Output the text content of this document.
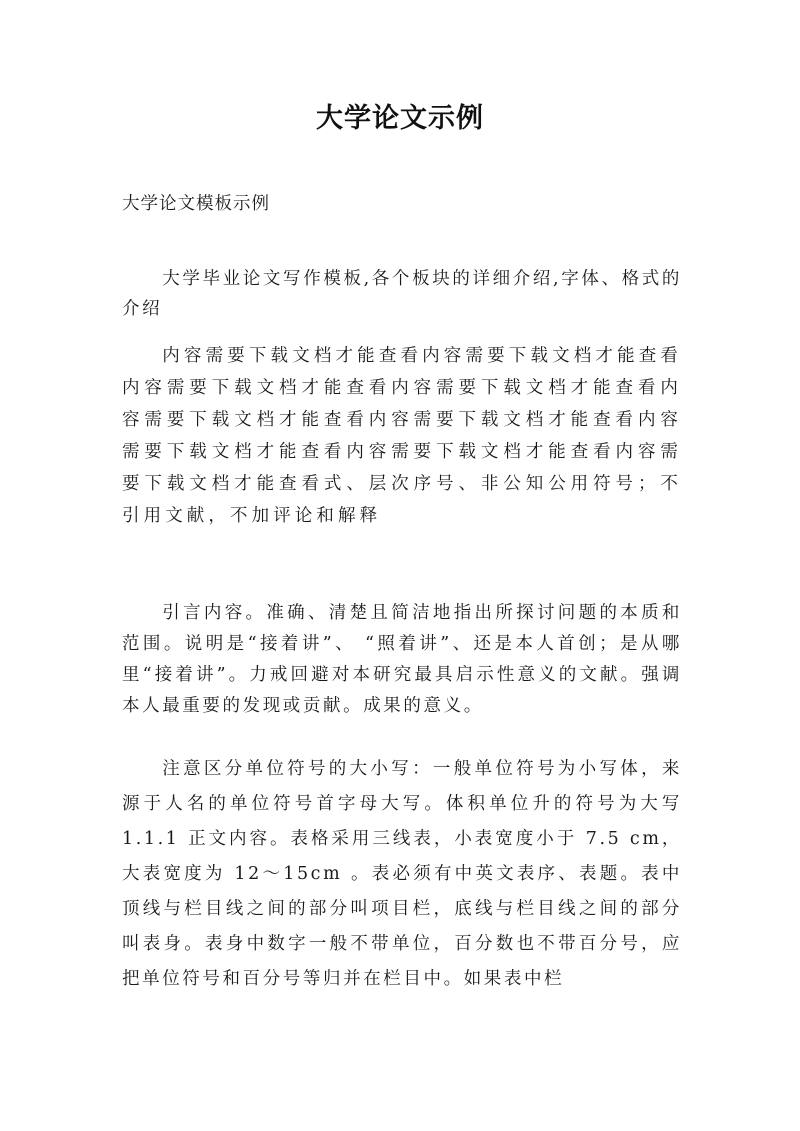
大学论文示例
大学论文模板示例
大学毕业论文写作模板,各个板块的详细介绍,字体、格式的介绍
内容需要下载文档才能查看内容需要下载文档才能查看内容需要下载文档才能查看内容需要下载文档才能查看内容需要下载文档才能查看内容需要下载文档才能查看内容需要下载文档才能查看内容需要下载文档才能查看内容需要下载文档才能查看式、层次序号、非公知公用符号；不引用文献，不加评论和解释
引言内容。准确、清楚且简洁地指出所探讨问题的本质和范围。说明是“接着讲”、 “照着讲”、还是本人首创；是从哪里“接着讲”。力戒回避对本研究最具启示性意义的文献。强调本人最重要的发现或贡献。成果的意义。
注意区分单位符号的大小写：一般单位符号为小写体，来源于人名的单位符号首字母大写。体积单位升的符号为大写 1.1.1 正文内容。表格采用三线表，小表宽度小于 7.5 cm，大表宽度为 12～15cm 。表必须有中英文表序、表题。表中顶线与栏目线之间的部分叫项目栏，底线与栏目线之间的部分叫表身。表身中数字一般不带单位，百分数也不带百分号，应把单位符号和百分号等归并在栏目中。如果表中栏
